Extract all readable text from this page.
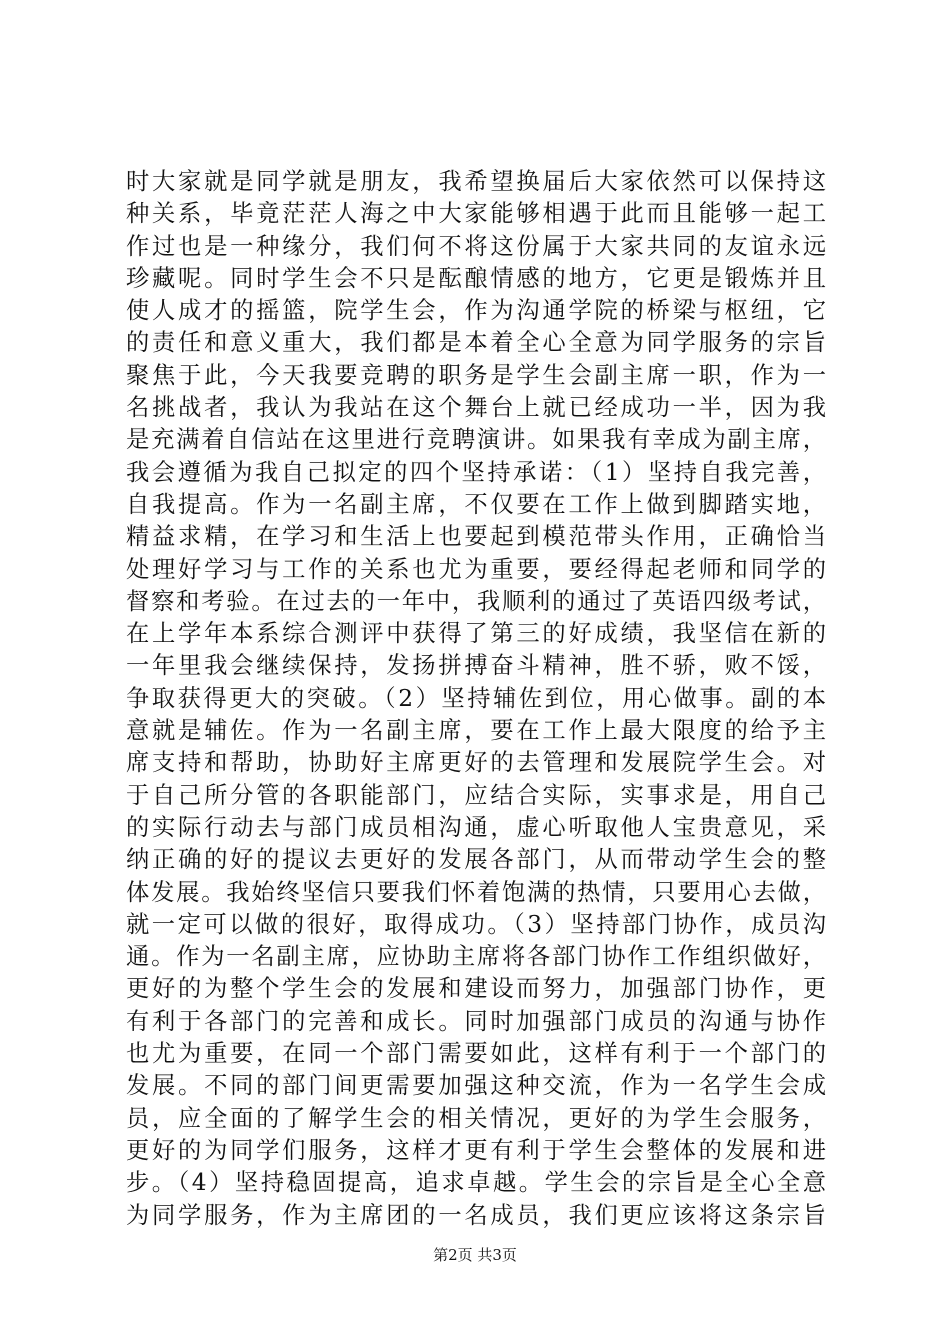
时大家就是同学就是朋友，我希望换届后大家依然可以保持这
种关系，毕竟茫茫人海之中大家能够相遇于此而且能够一起工
作过也是一种缘分，我们何不将这份属于大家共同的友谊永远
珍藏呢。同时学生会不只是酝酿情感的地方，它更是锻炼并且
使人成才的摇篮，院学生会，作为沟通学院的桥梁与枢纽，它
的责任和意义重大，我们都是本着全心全意为同学服务的宗旨
聚焦于此，今天我要竞聘的职务是学生会副主席一职，作为一
名挑战者，我认为我站在这个舞台上就已经成功一半，因为我
是充满着自信站在这里进行竞聘演讲。如果我有幸成为副主席，
我会遵循为我自己拟定的四个坚持承诺：（1）坚持自我完善，
自我提高。作为一名副主席，不仅要在工作上做到脚踏实地，
精益求精，在学习和生活上也要起到模范带头作用，正确恰当
处理好学习与工作的关系也尤为重要，要经得起老师和同学的
督察和考验。在过去的一年中，我顺利的通过了英语四级考试，
在上学年本系综合测评中获得了第三的好成绩，我坚信在新的
一年里我会继续保持，发扬拼搏奋斗精神，胜不骄，败不馁，
争取获得更大的突破。（2）坚持辅佐到位，用心做事。副的本
意就是辅佐。作为一名副主席，要在工作上最大限度的给予主
席支持和帮助，协助好主席更好的去管理和发展院学生会。对
于自己所分管的各职能部门，应结合实际，实事求是，用自己
的实际行动去与部门成员相沟通，虚心听取他人宝贵意见，采
纳正确的好的提议去更好的发展各部门，从而带动学生会的整
体发展。我始终坚信只要我们怀着饱满的热情，只要用心去做，
就一定可以做的很好，取得成功。（3）坚持部门协作，成员沟
通。作为一名副主席，应协助主席将各部门协作工作组织做好，
更好的为整个学生会的发展和建设而努力，加强部门协作，更
有利于各部门的完善和成长。同时加强部门成员的沟通与协作
也尤为重要，在同一个部门需要如此，这样有利于一个部门的
发展。不同的部门间更需要加强这种交流，作为一名学生会成
员，应全面的了解学生会的相关情况，更好的为学生会服务，
更好的为同学们服务，这样才更有利于学生会整体的发展和进
步。（4）坚持稳固提高，追求卓越。学生会的宗旨是全心全意
为同学服务，作为主席团的一名成员，我们更应该将这条宗旨
第2页 共3页
